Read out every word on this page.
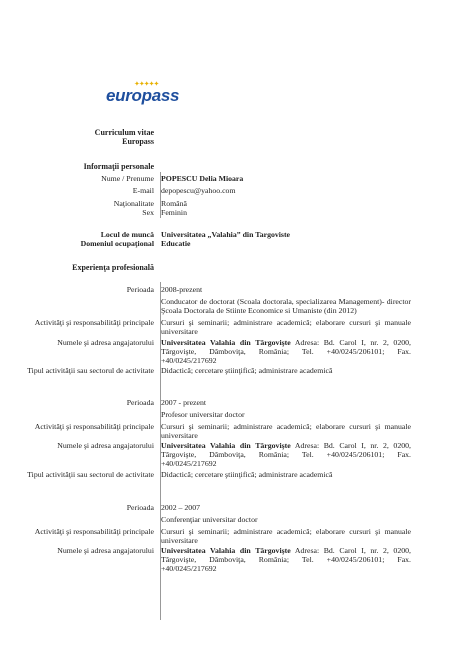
✦✦✦✦✦
europass
Curriculum vitae
Europass
Informaţii personale
Nume / Prenume POPESCU Delia Mioara
E-mail depopescu@yahoo.com
Naţionalitate Română
Sex Feminin
Locul de muncă Universitatea „Valahia” din Targoviste
Domeniul ocupaţional Educatie
Experienţa profesională
Perioada 2008-prezent
Conducator de doctorat (Scoala doctorala, specializarea Management)- director Şcoala Doctorala de Stiinte Economice si Umaniste (din 2012)
Activităţi şi responsabilităţi principale Cursuri şi seminarii; administrare academică; elaborare cursuri şi manuale universitare
Numele şi adresa angajatorului Universitatea Valahia din Târgovişte Adresa: Bd. Carol I, nr. 2, 0200, Târgovişte, Dâmboviţa, România; Tel. +40/0245/206101; Fax. +40/0245/217692
Tipul activităţii sau sectorul de activitate Didactică; cercetare ştiinţifică; administrare academică
Perioada 2007 - prezent
Profesor universitar doctor
Activităţi şi responsabilităţi principale Cursuri şi seminarii; administrare academică; elaborare cursuri şi manuale universitare
Numele şi adresa angajatorului Universitatea Valahia din Târgovişte Adresa: Bd. Carol I, nr. 2, 0200, Târgovişte, Dâmboviţa, România; Tel. +40/0245/206101; Fax. +40/0245/217692
Tipul activităţii sau sectorul de activitate Didactică; cercetare ştiinţifică; administrare academică
Perioada 2002 – 2007
Conferenţiar universitar doctor
Activităţi şi responsabilităţi principale Cursuri şi seminarii; administrare academică; elaborare cursuri şi manuale universitare
Numele şi adresa angajatorului Universitatea Valahia din Târgovişte Adresa: Bd. Carol I, nr. 2, 0200, Târgovişte, Dâmboviţa, România; Tel. +40/0245/206101; Fax. +40/0245/217692
